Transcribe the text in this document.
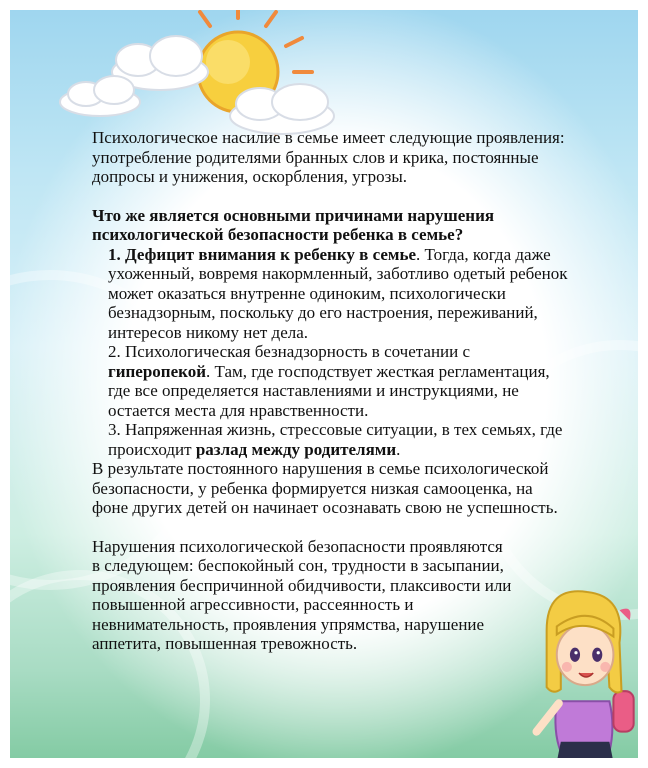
Психологическое насилие в семье имеет следующие проявления: употребление родителями бранных слов и крика, постоянные допросы и унижения, оскорбления, угрозы.

Что же является основными причинами нарушения психологической безопасности ребенка в семье?

1. Дефицит внимания к ребенку в семье. Тогда, когда даже ухоженный, вовремя накормленный, заботливо одетый ребенок может оказаться внутренне одиноким, психологически безнадзорным, поскольку до его настроения, переживаний, интересов никому нет дела.

2. Психологическая безнадзорность в сочетании с гиперопекой. Там, где господствует жесткая регламентация, где все определяется наставлениями и инструкциями, не остается места для нравственности.

3. Напряженная жизнь, стрессовые ситуации, в тех семьях, где происходит разлад между родителями.

В результате постоянного нарушения в семье психологической безопасности, у ребенка формируется низкая самооценка, на фоне других детей он начинает осознавать свою не успешность.

Нарушения психологической безопасности проявляются в следующем: беспокойный сон, трудности в засыпании, проявления беспричинной обидчивости, плаксивости или повышенной агрессивности, рассеянность и невнимательность, проявления упрямства, нарушение аппетита, повышенная тревожность.
